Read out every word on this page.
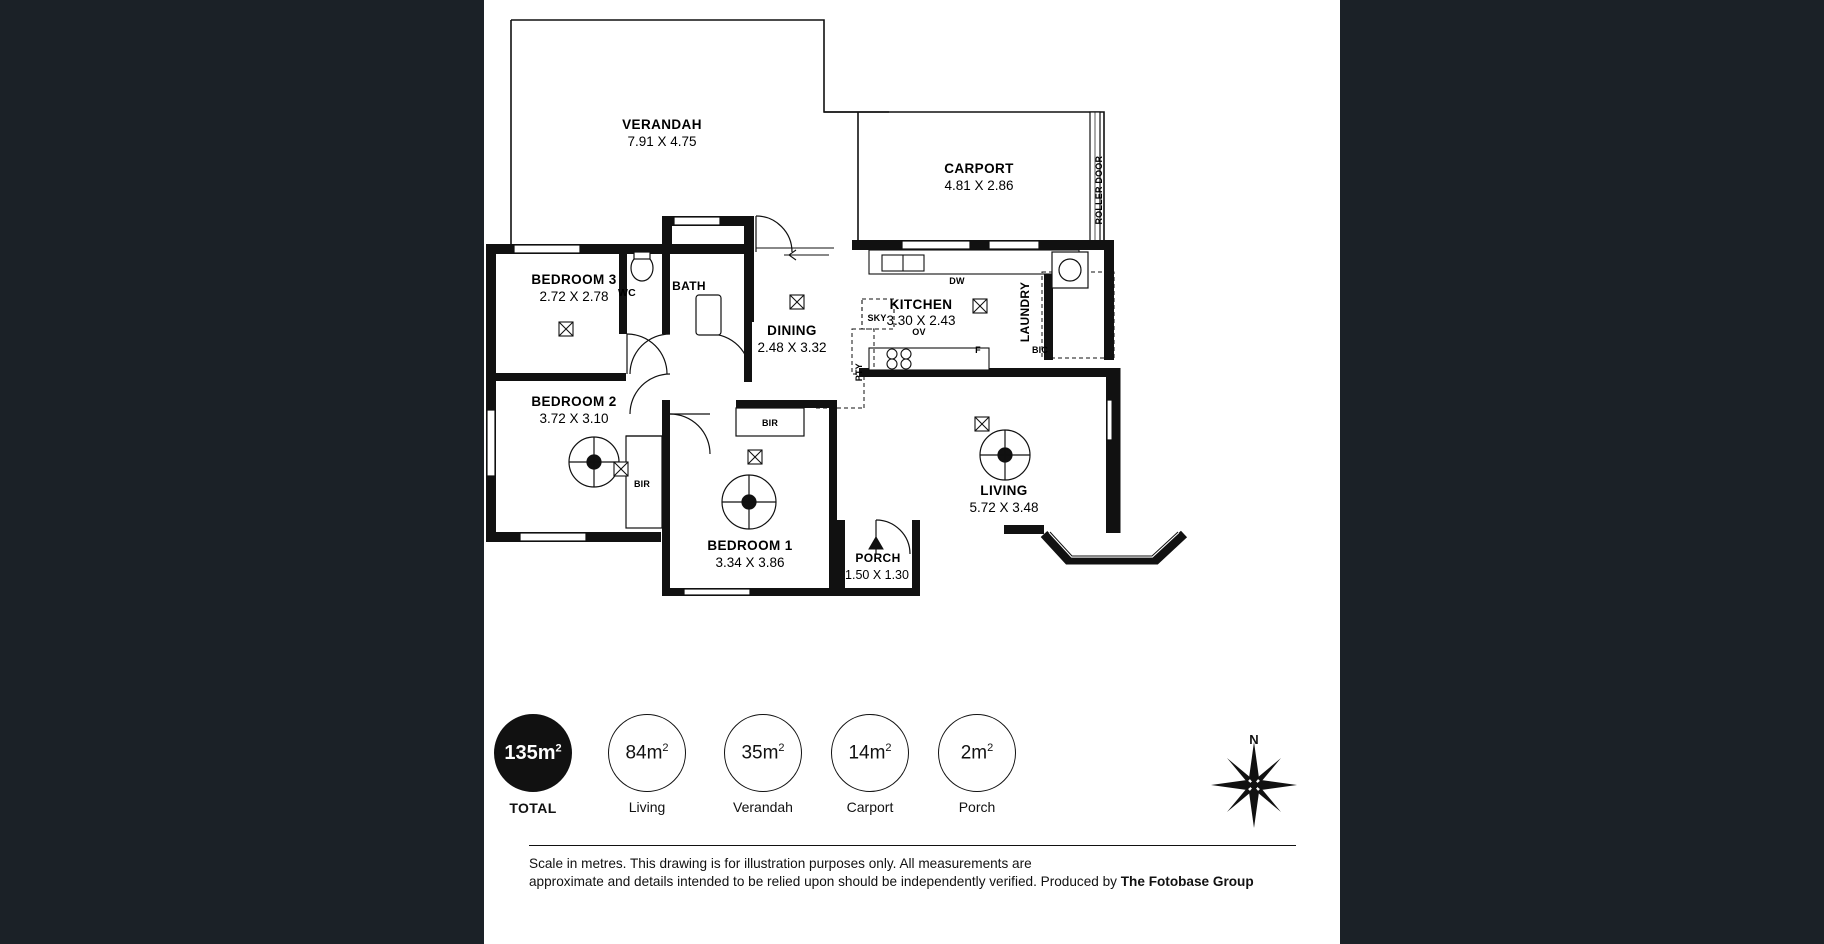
VERANDAH
7.91 X 4.75
CARPORT
4.81 X 2.86	ROLLER DOOR
BEDROOM 3
2.72 X 2.78 WC	BATH
DINING
2.48 X 3.32
KITCHEN
3.30 X 2.43
SKY
OV
DW
F
PTY
BIC
LAUNDRY
BEDROOM 2
3.72 X 3.10
BIR
BIR
BEDROOM 1
3.34 X 3.86
LIVING
5.72 X 3.48
PORCH
1.50 X 1.30
$135m^2$
TOTAL
$84m^2$
Living
$35m^2$
Verandah
$14m^2$
Carport
$2m^2$
Porch
N
Scale in metres. This drawing is for illustration purposes only. All measurements are
approximate and details intended to be relied upon should be independently verified. Produced by The Fotobase Group
